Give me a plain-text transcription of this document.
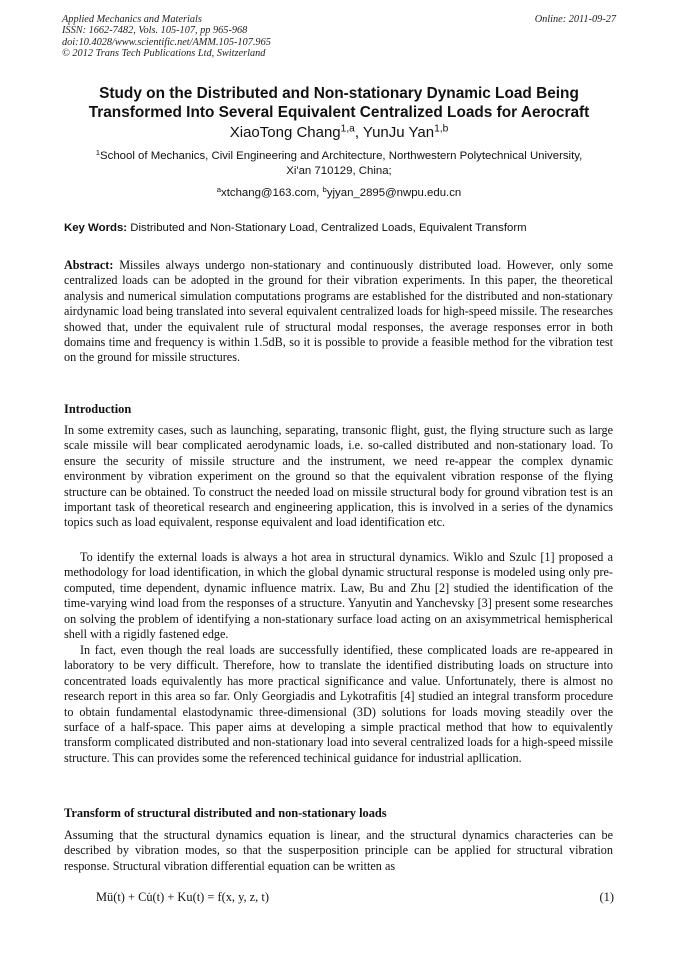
Applied Mechanics and Materials
ISSN: 1662-7482, Vols. 105-107, pp 965-968
doi:10.4028/www.scientific.net/AMM.105-107.965
© 2012 Trans Tech Publications Ltd, Switzerland
Online: 2011-09-27
Study on the Distributed and Non-stationary Dynamic Load Being
Transformed Into Several Equivalent Centralized Loads for Aerocraft
XiaoTong Chang$^{1,a}$, YunJu Yan$^{1,b}$
$^1$School of Mechanics, Civil Engineering and Architecture, Northwestern Polytechnical University,
Xi'an 710129, China;
$^a$xtchang@163.com, $^b$yjyan_2895@nwpu.edu.cn
Key Words: Distributed and Non-Stationary Load, Centralized Loads, Equivalent Transform
Abstract: Missiles always undergo non-stationary and continuously distributed load. However, only some centralized loads can be adopted in the ground for their vibration experiments. In this paper, the theoretical analysis and numerical simulation computations programs are established for the distributed and non-stationary airdynamic load being translated into several equivalent centralized loads for high-speed missile. The researches showed that, under the equivalent rule of structural modal responses, the average responses error in both domains time and frequency is within 1.5dB, so it is possible to provide a feasible method for the vibration test on the ground for missile structures.
Introduction
In some extremity cases, such as launching, separating, transonic flight, gust, the flying structure such as large scale missile will bear complicated aerodynamic loads, i.e. so-called distributed and non-stationary load. To ensure the security of missile structure and the instrument, we need re-appear the complex dynamic environment by vibration experiment on the ground so that the equivalent vibration response of the flying structure can be obtained. To construct the needed load on missile structural body for ground vibration test is an important task of theoretical research and engineering application, this is involved in a series of the dynamics topics such as load equivalent, response equivalent and load identification etc.
To identify the external loads is always a hot area in structural dynamics. Wiklo and Szulc [1] proposed a methodology for load identification, in which the global dynamic structural response is modeled using only pre-computed, time dependent, dynamic influence matrix. Law, Bu and Zhu [2] studied the identification of the time-varying wind load from the responses of a structure. Yanyutin and Yanchevsky [3] present some researches on solving the problem of identifying a non-stationary surface load acting on an axisymmetrical hemispherical shell with a rigidly fastened edge.
In fact, even though the real loads are successfully identified, these complicated loads are re-appeared in laboratory to be very difficult. Therefore, how to translate the identified distributing loads on structure into concentrated loads equivalently has more practical significance and value. Unfortunately, there is almost no research report in this area so far. Only Georgiadis and Lykotrafitis [4] studied an integral transform procedure to obtain fundamental elastodynamic three-dimensional (3D) solutions for loads moving steadily over the surface of a half-space. This paper aims at developing a simple practical method that how to equivalently transform complicated distributed and non-stationary load into several centralized loads for a high-speed missile structure. This can provides some the referenced techinical guidance for industrial apllication.
Transform of structural distributed and non-stationary loads
Assuming that the structural dynamics equation is linear, and the structural dynamics characteries can be described by vibration modes, so that the susperposition principle can be applied for structural vibration response. Structural vibration differential equation can be written as
Mü(t) + Cu̇(t) + Ku(t) = f(x, y, z, t)	(1)
